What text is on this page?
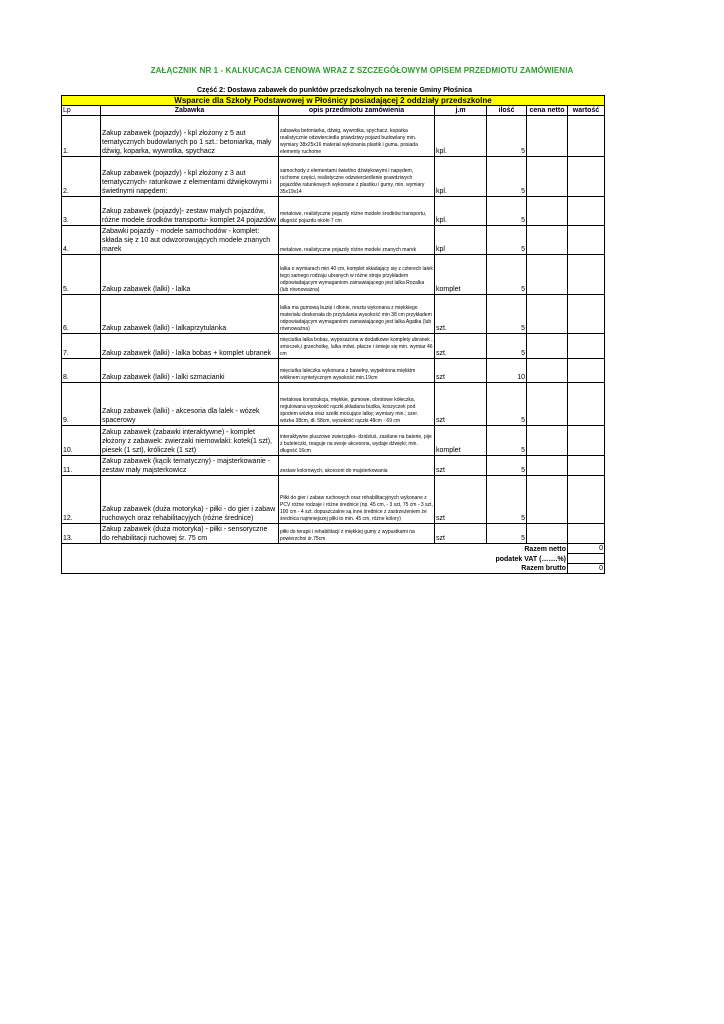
ZAŁĄCZNIK NR 1 - KALKUCACJA CENOWA WRAZ Z SZCZEGÓŁOWYM OPISEM PRZEDMIOTU ZAMÓWIENIA
Część 2: Dostawa zabawek do punktów przedszkolnych na terenie Gminy Płośnica
Wsparcie dla Szkoły Podstawowej w Płośnicy posiadającej 2 oddziały przedszkolne						
Lp	Zabawka	opis przedmiotu zamówienia	j.m	ilość	cena netto	wartość
1.	Zakup zabawek (pojazdy) - kpl złożony z 5 aut tematycznych budowlanych po 1 szt.: betoniarka, mały dźwig, koparka, wywrotka, spychacz	zabawka betoniarka, dźwig, wywrotka, spychacz, koparka realistycznie odzwierciedla prawdziwy pojazd budowlany min. wymiary 38x25x16 materiał wykonania plastik i guma, posiada elementy ruchome	kpl.	5		
2.	Zakup zabawek (pojazdy) - kpl złożony z 3 aut tematycznych- ratunkowe z elementami dźwiękowymi i świetlnymi napędem:	samochody z elementami świetlno dźwiękowymi i napędem, ruchome części, realistyczne odzwierciedlenie prawdziwych pojazdów ratunkowych wykonane z plastiku i gumy, min. wymiary 35x19x14	kpl.	5		
3.	Zakup zabawek (pojazdy)- zestaw małych pojazdów, różne modele środków transportu- komplet 24 pojazdów	metalowe, realistyczne pojazdy różne modele środków transportu, długość pojazdu około 7 cm	kpl.	5		
4.	Zabawki pojazdy - modele samochodów - komplet: składa się z 10 aut odwzorowujących modele znanych marek	metalowe, realistyczne pojazdy różne modele znanych marek	kpl	5		
5.	Zakup zabawek (lalki) - lalka	lalka o wymiarach min 40 cm, komplet składający się z czterech lalek tego samego rodzaju ubranych w różne stroje przykładem odpowiadającym wymaganiom zamawiającego jest lalka Rozalka (lub równoważna)	komplet	5		
6.	Zakup zabawek (lalki) - lalkaprzytulanka	lalka ma gumową buzię i dłonie, reszta wykonana z miękkiego materiału doskonała do przytulania wysokość min 38 cm przykładem odpowiadającym wymaganiom zamawiającego jest lalka Agatka (lub równoważna)	szt.	5		
7.	Zakup zabawek (lalki) - lalka bobas + komplet ubranek	mięciutka lalka bobas, wyposażona w dodatkowe komplety ubranek , smoczek,i grzechotkę, lalka mówi, płacze i śmieje się min. wymiar 46 cm	szt.	5		
8.	Zakup zabawek (lalki) - lalki szmacianki	mięciutka laleczka wykonana z bawełny, wypełniona miękkim włóknem syntetycznym wysokość min.19cm	szt	10		
9.	Zakup zabawek (lalki) - akcesoria dla lalek - wózek spacerowy	metalowa konstrukcja, miękkie, gumowe, obrotowe kółeczka, regulowana wysokość rączki,składana budka, koszyczek pod spodem wózka oraz szelki mocujące lalkę; wymiary min.; szer. wózka 38cm, dł. 58cm, wysokość rączki 48cm - 69 cm	szt	5		
10.	Zakup zabawek (zabawki interaktywne) - komplet złożony z zabawek: zwierzaki niemowlaki: kotek(1 szt), piesek (1 szt), króliczek (1 szt)	interaktywne pluszowe zwierzątko- dzidziuś, zasilane na baterie, pije z buteleczki, reaguje na swoje akcesoria, wydaje dźwięki; min. długość 16cm	komplet	5		
11.	Zakup zabawek (kącik tematyczny) - majsterkowanie - zestaw mały majsterkowicz	zestaw kolorowych, akcesorii do majsterkowania	szt	5		
12.	Zakup zabawek (duża motoryka) - piłki - do gier i zabaw ruchowych oraz rehabilitacyjych (różne średnice)	Piłki do gier i zabaw ruchowych oraz rehabilitacyjnych wykonane z PCV różne rodzaje i różne średnice (np. 45 cm, - 3 szt, 75 cm - 3 szt, 100 cm - 4 szt. dopuszczalne są inne średnice z zastrzeżeniem że średnica najmniejszej piłki to min. 45 cm, różne kolory)	szt	5		
13.	Zakup zabawek (duża motoryka) - piłki - sensoryczne do rehabilitacji ruchowej śr. 75 cm	piłki do terapii i rehabilitacji z miękkiej gumy z wypustkami na powierzchni śr.75cm	szt	5		
Razem netto						0
podatek VAT (…….%)						
Razem brutto						0
